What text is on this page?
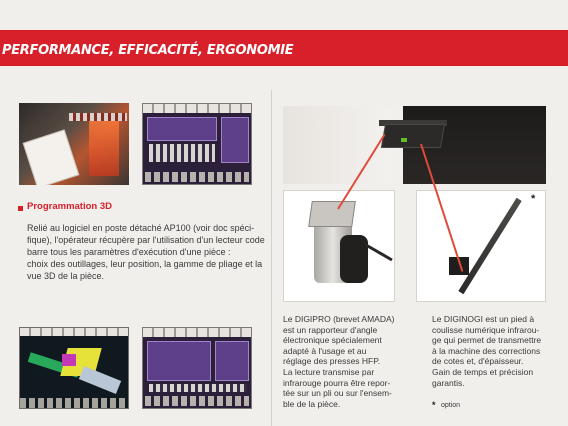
PERFORMANCE, EFFICACITÉ, ERGONOMIE
Programmation 3D
Relié au logiciel en poste détaché AP100 (voir doc spéci-
fique), l'opérateur récupère par l'utilisation d'un lecteur code
barre tous les paramètres d'exécution d'une pièce :
choix des outillages, leur position, la gamme de pliage et la
vue 3D de la pièce.
*
Le DIGIPRO (brevet AMADA)
est un rapporteur d'angle
électronique spécialement
adapté à l'usage et au
réglage des presses HFP.
La lecture transmise par
infrarouge pourra être repor-
tée sur un pli ou sur l'ensem-
ble de la pièce.
Le DIGINOGI est un pied à
coulisse numérique infrarou-
ge qui permet de transmettre
à la machine des corrections
de cotes et, d'épaisseur.
Gain de temps et précision
garantis.
* option
